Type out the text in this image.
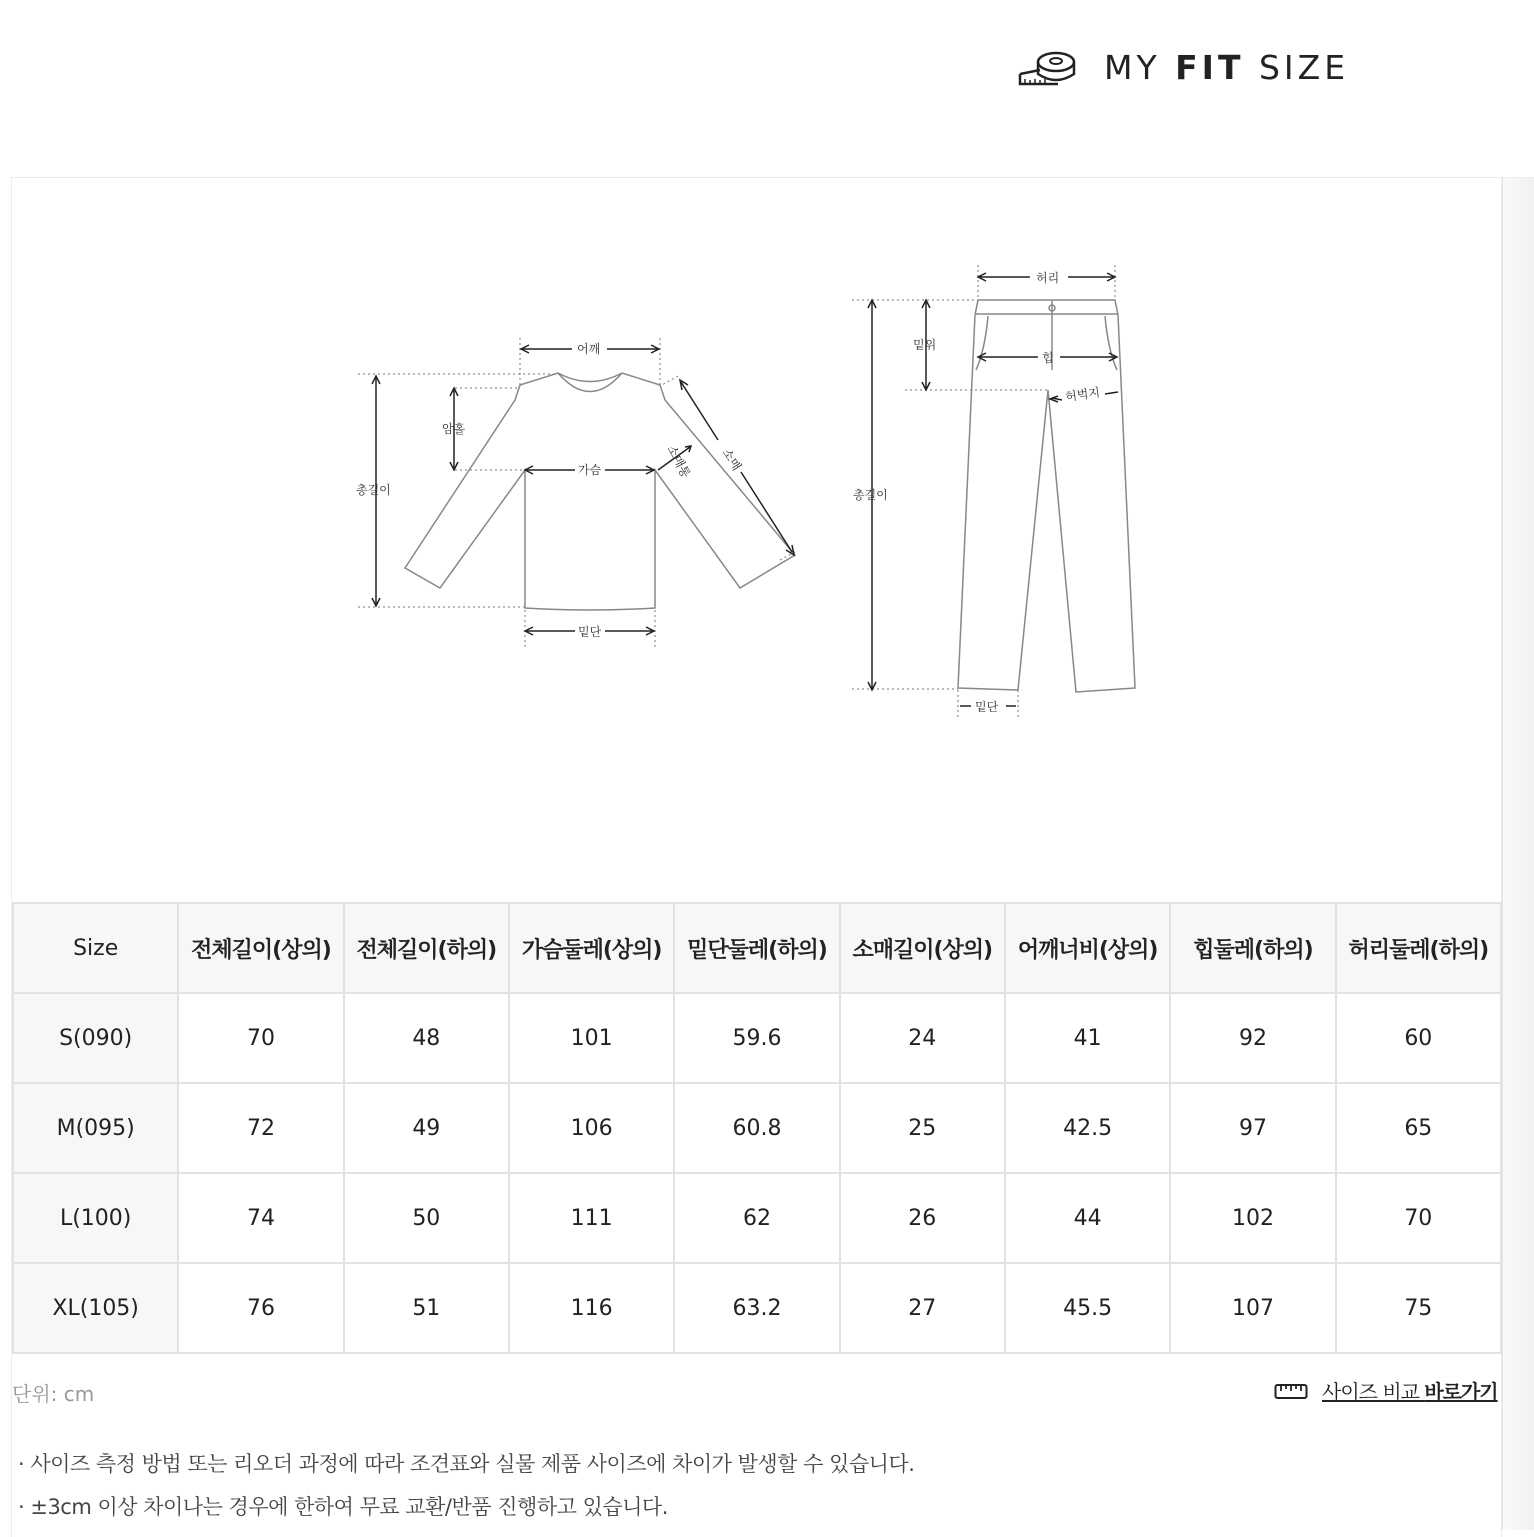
MY FIT SIZE
어깨
암홀
가슴
총길이
밑단
소매통 소매
허리
밑위
힙
허벅지
총길이
밑단
Size	전체길이(상의)	전체길이(하의)	가슴둘레(상의)	밑단둘레(하의)	소매길이(상의)	어깨너비(상의)	힙둘레(하의)	허리둘레(하의)
S(090)	70	48	101	59.6	24	41	92	60
M(095)	72	49	106	60.8	25	42.5	97	65
L(100)	74	50	111	62	26	44	102	70
XL(105)	76	51	116	63.2	27	45.5	107	75
단위: cm	사이즈 비교 바로가기

· 사이즈 측정 방법 또는 리오더 과정에 따라 조견표와 실물 제품 사이즈에 차이가 발생할 수 있습니다.

· ±3cm 이상 차이나는 경우에 한하여 무료 교환/반품 진행하고 있습니다.
